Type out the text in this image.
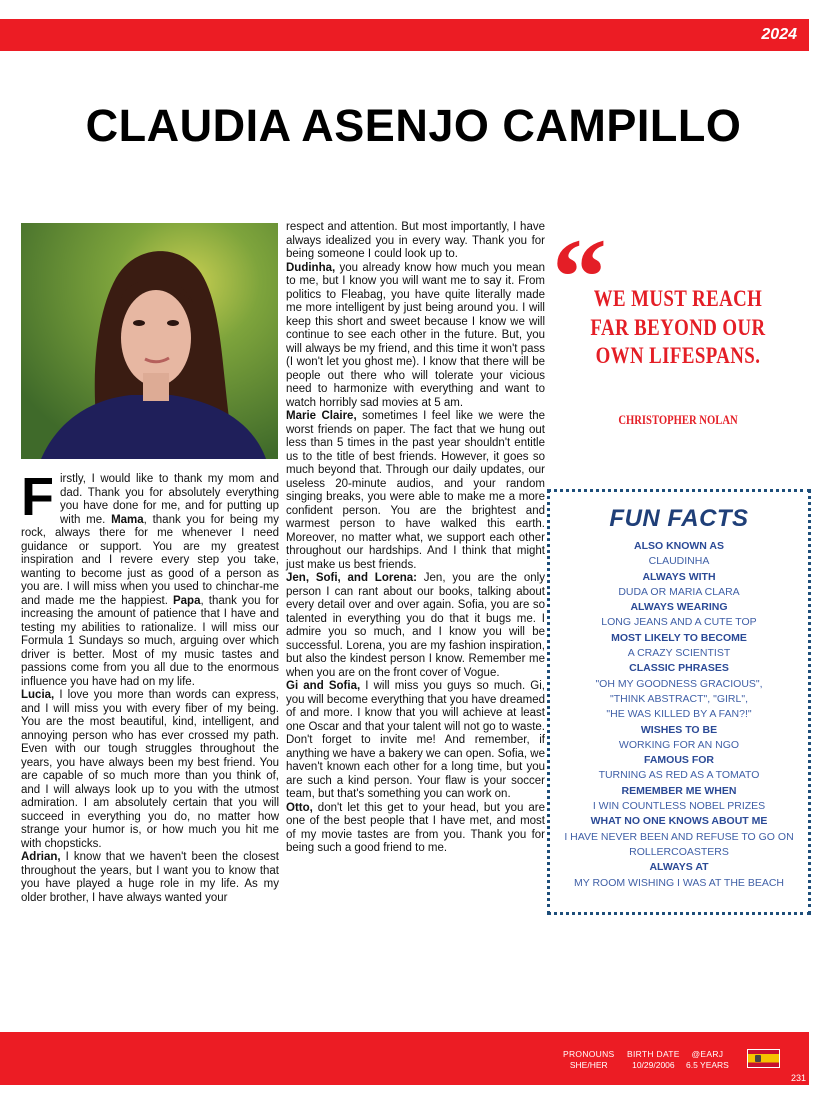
2024
CLAUDIA ASENJO CAMPILLO

F irstly, I would like to thank my mom and dad. Thank you for absolutely everything you have done for me, and for putting up with me. Mama, thank you for being my rock, always there for me whenever I need guidance or support. You are my greatest inspiration and I revere every step you take, wanting to become just as good of a person as you are. I will miss when you used to chinchar-me and made me the happiest. Papa, thank you for increasing the amount of patience that I have and testing my abilities to rationalize. I will miss our Formula 1 Sundays so much, arguing over which driver is better. Most of my music tastes and passions come from you all due to the enormous influence you have had on my life.

Lucia, I love you more than words can express, and I will miss you with every fiber of my being. You are the most beautiful, kind, intelligent, and annoying person who has ever crossed my path. Even with our tough struggles throughout the years, you have always been my best friend. You are capable of so much more than you think of, and I will always look up to you with the utmost admiration. I am absolutely certain that you will succeed in everything you do, no matter how strange your humor is, or how much you hit me with chopsticks.

Adrian, I know that we haven't been the closest throughout the years, but I want you to know that you have played a huge role in my life. As my older brother, I have always wanted your

respect and attention. But most importantly, I have always idealized you in every way. Thank you for being someone I could look up to.

Dudinha, you already know how much you mean to me, but I know you will want me to say it. From politics to Fleabag, you have quite literally made me more intelligent by just being around you. I will keep this short and sweet because I know we will continue to see each other in the future. But, you will always be my friend, and this time it won't pass (I won't let you ghost me). I know that there will be people out there who will tolerate your vicious need to harmonize with everything and want to watch horribly sad movies at 5 am.

Marie Claire, sometimes I feel like we were the worst friends on paper. The fact that we hung out less than 5 times in the past year shouldn't entitle us to the title of best friends. However, it goes so much beyond that. Through our daily updates, our useless 20-minute audios, and your random singing breaks, you were able to make me a more confident person. You are the brightest and warmest person to have walked this earth. Moreover, no matter what, we support each other throughout our hardships. And I think that might just make us best friends.

Jen, Sofi, and Lorena: Jen, you are the only person I can rant about our books, talking about every detail over and over again. Sofia, you are so talented in everything you do that it bugs me. I admire you so much, and I know you will be successful. Lorena, you are my fashion inspiration, but also the kindest person I know. Remember me when you are on the front cover of Vogue.

Gi and Sofia, I will miss you guys so much. Gi, you will become everything that you have dreamed of and more. I know that you will achieve at least one Oscar and that your talent will not go to waste. Don't forget to invite me! And remember, if anything we have a bakery we can open. Sofia, we haven't known each other for a long time, but you are such a kind person. Your flaw is your soccer team, but that's something you can work on.

Otto, don't let this get to your head, but you are one of the best people that I have met, and most of my movie tastes are from you. Thank you for being such a good friend to me.

“
WE MUST REACH FAR BEYOND OUR OWN LIFESPANS.
CHRISTOPHER NOLAN
FUN FACTS
ALSO KNOWN AS
CLAUDINHA
ALWAYS WITH
DUDA OR MARIA CLARA
ALWAYS WEARING
LONG JEANS AND A CUTE TOP
MOST LIKELY TO BECOME
A CRAZY SCIENTIST
CLASSIC PHRASES
"OH MY GOODNESS GRACIOUS",
"THINK ABSTRACT", "GIRL",
"HE WAS KILLED BY A FAN?!"
WISHES TO BE
WORKING FOR AN NGO
FAMOUS FOR
TURNING AS RED AS A TOMATO
REMEMBER ME WHEN
I WIN COUNTLESS NOBEL PRIZES
WHAT NO ONE KNOWS ABOUT ME
I HAVE NEVER BEEN AND REFUSE TO GO ON
ROLLERCOASTERS
ALWAYS AT
MY ROOM WISHING I WAS AT THE BEACH
PRONOUNS
SHE/HER
BIRTH DATE
10/29/2006
@EARJ
6.5 YEARS
231
